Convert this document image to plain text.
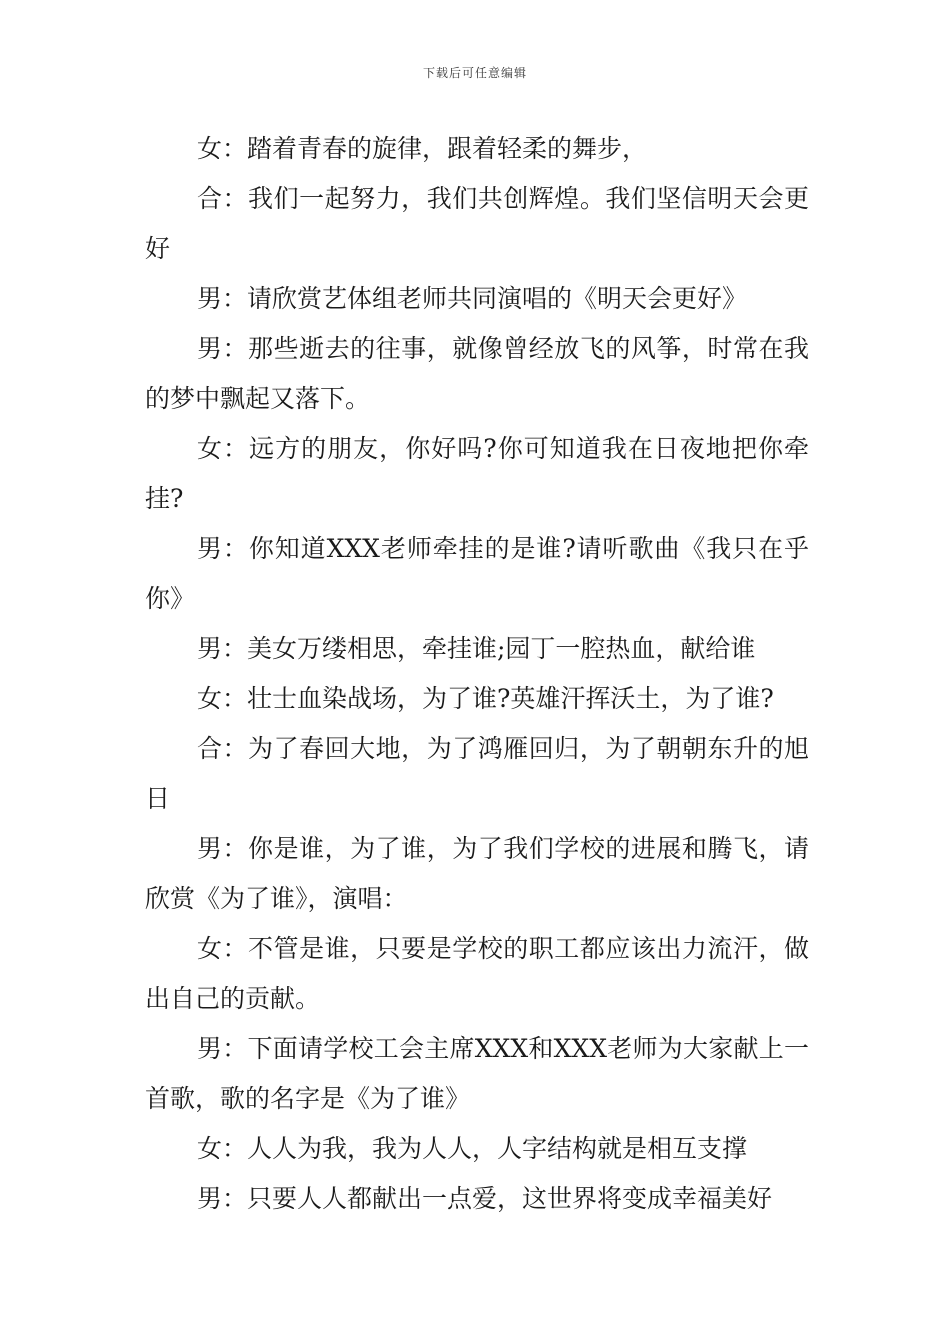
下载后可任意编辑

女：踏着青春的旋律，跟着轻柔的舞步，

合：我们一起努力，我们共创辉煌。我们坚信明天会更好

男：请欣赏艺体组老师共同演唱的《明天会更好》

男：那些逝去的往事，就像曾经放飞的风筝，时常在我的梦中飘起又落下。

女：远方的朋友，你好吗?你可知道我在日夜地把你牵挂?

男：你知道XXX老师牵挂的是谁?请听歌曲《我只在乎你》

男：美女万缕相思，牵挂谁;园丁一腔热血，献给谁

女：壮士血染战场，为了谁?英雄汗挥沃土，为了谁?

合：为了春回大地，为了鸿雁回归，为了朝朝东升的旭日

男：你是谁，为了谁，为了我们学校的进展和腾飞，请欣赏《为了谁》，演唱：

女：不管是谁，只要是学校的职工都应该出力流汗，做出自己的贡献。

男：下面请学校工会主席XXX和XXX老师为大家献上一首歌，歌的名字是《为了谁》

女：人人为我，我为人人，人字结构就是相互支撑

男：只要人人都献出一点爱，这世界将变成幸福美好
